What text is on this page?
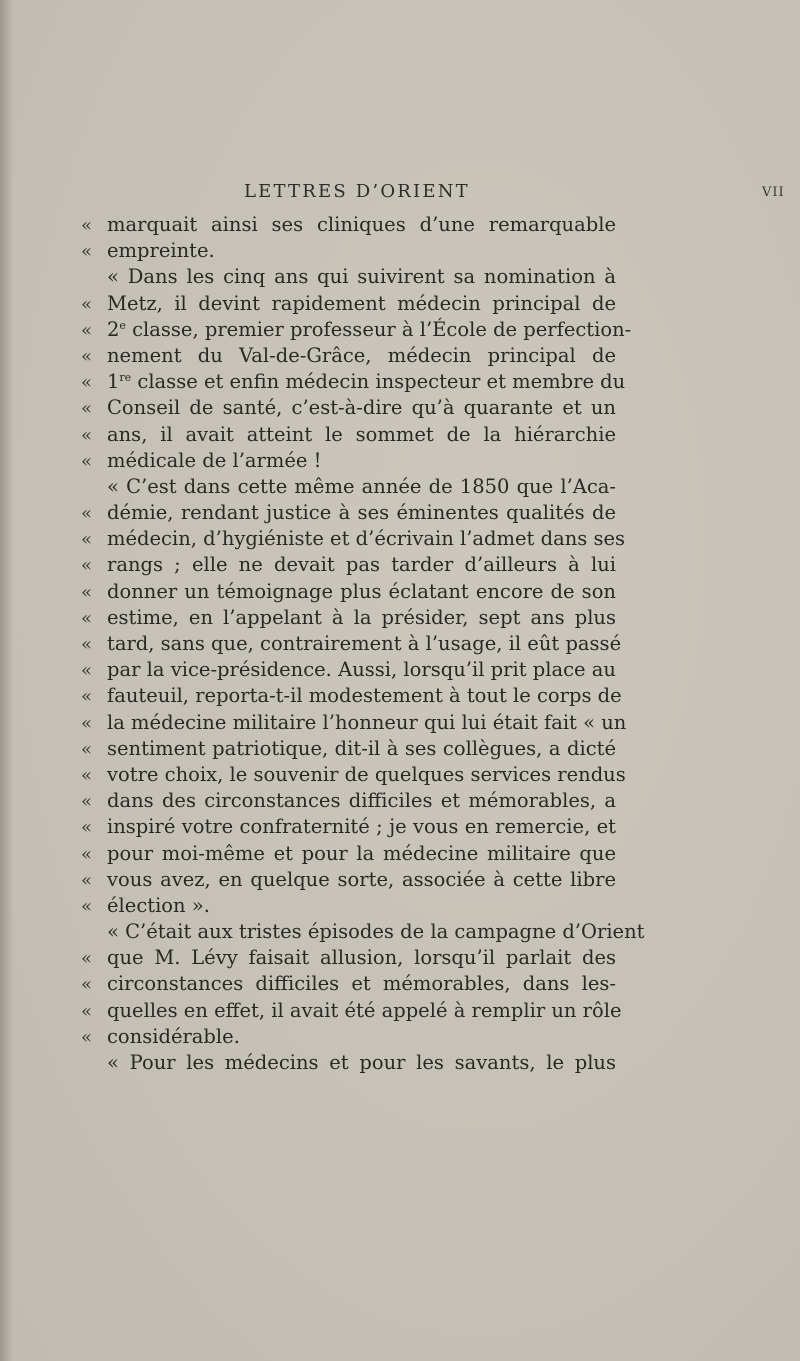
LETTRES D’ORIENT	VII
« marquait ainsi ses cliniques d’une remarquable
« empreinte.
« Dans les cinq ans qui suivirent sa nomination à
« Metz, il devint rapidement médecin principal de
« 2e classe, premier professeur à l’École de perfection-
« nement du Val-de-Grâce, médecin principal de
« 1re classe et enfin médecin inspecteur et membre du
« Conseil de santé, c’est-à-dire qu’à quarante et un
« ans, il avait atteint le sommet de la hiérarchie
« médicale de l’armée !
« C’est dans cette même année de 1850 que l’Aca-
« démie, rendant justice à ses éminentes qualités de
« médecin, d’hygiéniste et d’écrivain l’admet dans ses
« rangs ; elle ne devait pas tarder d’ailleurs à lui
« donner un témoignage plus éclatant encore de son
« estime, en l’appelant à la présider, sept ans plus
« tard, sans que, contrairement à l’usage, il eût passé
« par la vice-présidence. Aussi, lorsqu’il prit place au
« fauteuil, reporta-t-il modestement à tout le corps de
« la médecine militaire l’honneur qui lui était fait « un
« sentiment patriotique, dit-il à ses collègues, a dicté
« votre choix, le souvenir de quelques services rendus
« dans des circonstances difficiles et mémorables, a
« inspiré votre confraternité ; je vous en remercie, et
« pour moi-même et pour la médecine militaire que
« vous avez, en quelque sorte, associée à cette libre
« élection ».
« C’était aux tristes épisodes de la campagne d’Orient
« que M. Lévy faisait allusion, lorsqu’il parlait des
« circonstances difficiles et mémorables, dans les-
« quelles en effet, il avait été appelé à remplir un rôle
« considérable.
« Pour les médecins et pour les savants, le plus
